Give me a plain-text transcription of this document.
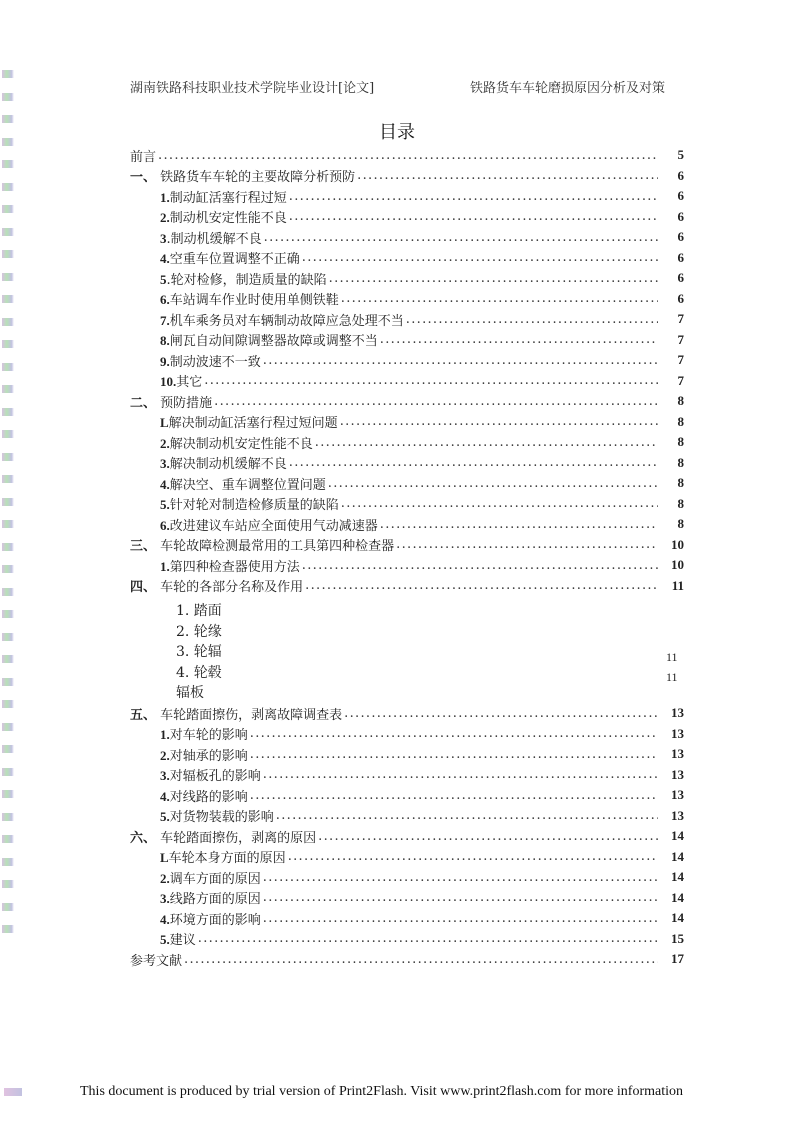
湖南铁路科技职业技术学院毕业设计[论文]	铁路货车车轮磨损原因分析及对策
目录
前言 .....	5
一、 铁路货车车轮的主要故障分析预防 .....	6
1.制动缸活塞行程过短 .....	6
2.制动机安定性能不良 .....	6
3.制动机缓解不良 .....	6
4.空重车位置调整不正确 .....	6
5.轮对检修，制造质量的缺陷 .....	6
6.车站调车作业时使用单侧铁鞋 .....	6
7.机车乘务员对车辆制动故障应急处理不当 .....	7
8.闸瓦自动间隙调整器故障或调整不当 .....	7
9.制动波速不一致 .....	7
10.其它 .....	7
二、 预防措施 .....	8
L解决制动缸活塞行程过短问题 .....	8
2.解决制动机安定性能不良 .....	8
3.解决制动机缓解不良 .....	8
4.解决空、重车调整位置问题 .....	8
5.针对轮对制造检修质量的缺陷 .....	8
6.改进建议车站应全面使用气动减速器 .....	8
三、 车轮故障检测最常用的工具第四种检查器 .....	10
1.第四种检查器使用方法 .....	10
四、 车轮的各部分名称及作用 .....	11
1. 踏面
2. 轮缘
3. 轮辐
4. 轮毂
辐板
11
11
五、 车轮踏面擦伤，剥离故障调查表 .....	13
1.对车轮的影响 .....	13
2.对轴承的影响 .....	13
3.对辐板孔的影响 .....	13
4.对线路的影响 .....	13
5.对货物装载的影响 .....	13
六、 车轮踏面擦伤，剥离的原因 .....	14
L车轮本身方面的原因 .....	14
2.调车方面的原因 .....	14
3.线路方面的原因 .....	14
4.环境方面的影响 .....	14
5.建议 .....	15
参考文献 .....	17
This document is produced by trial version of Print2Flash. Visit www.print2flash.com for more information
